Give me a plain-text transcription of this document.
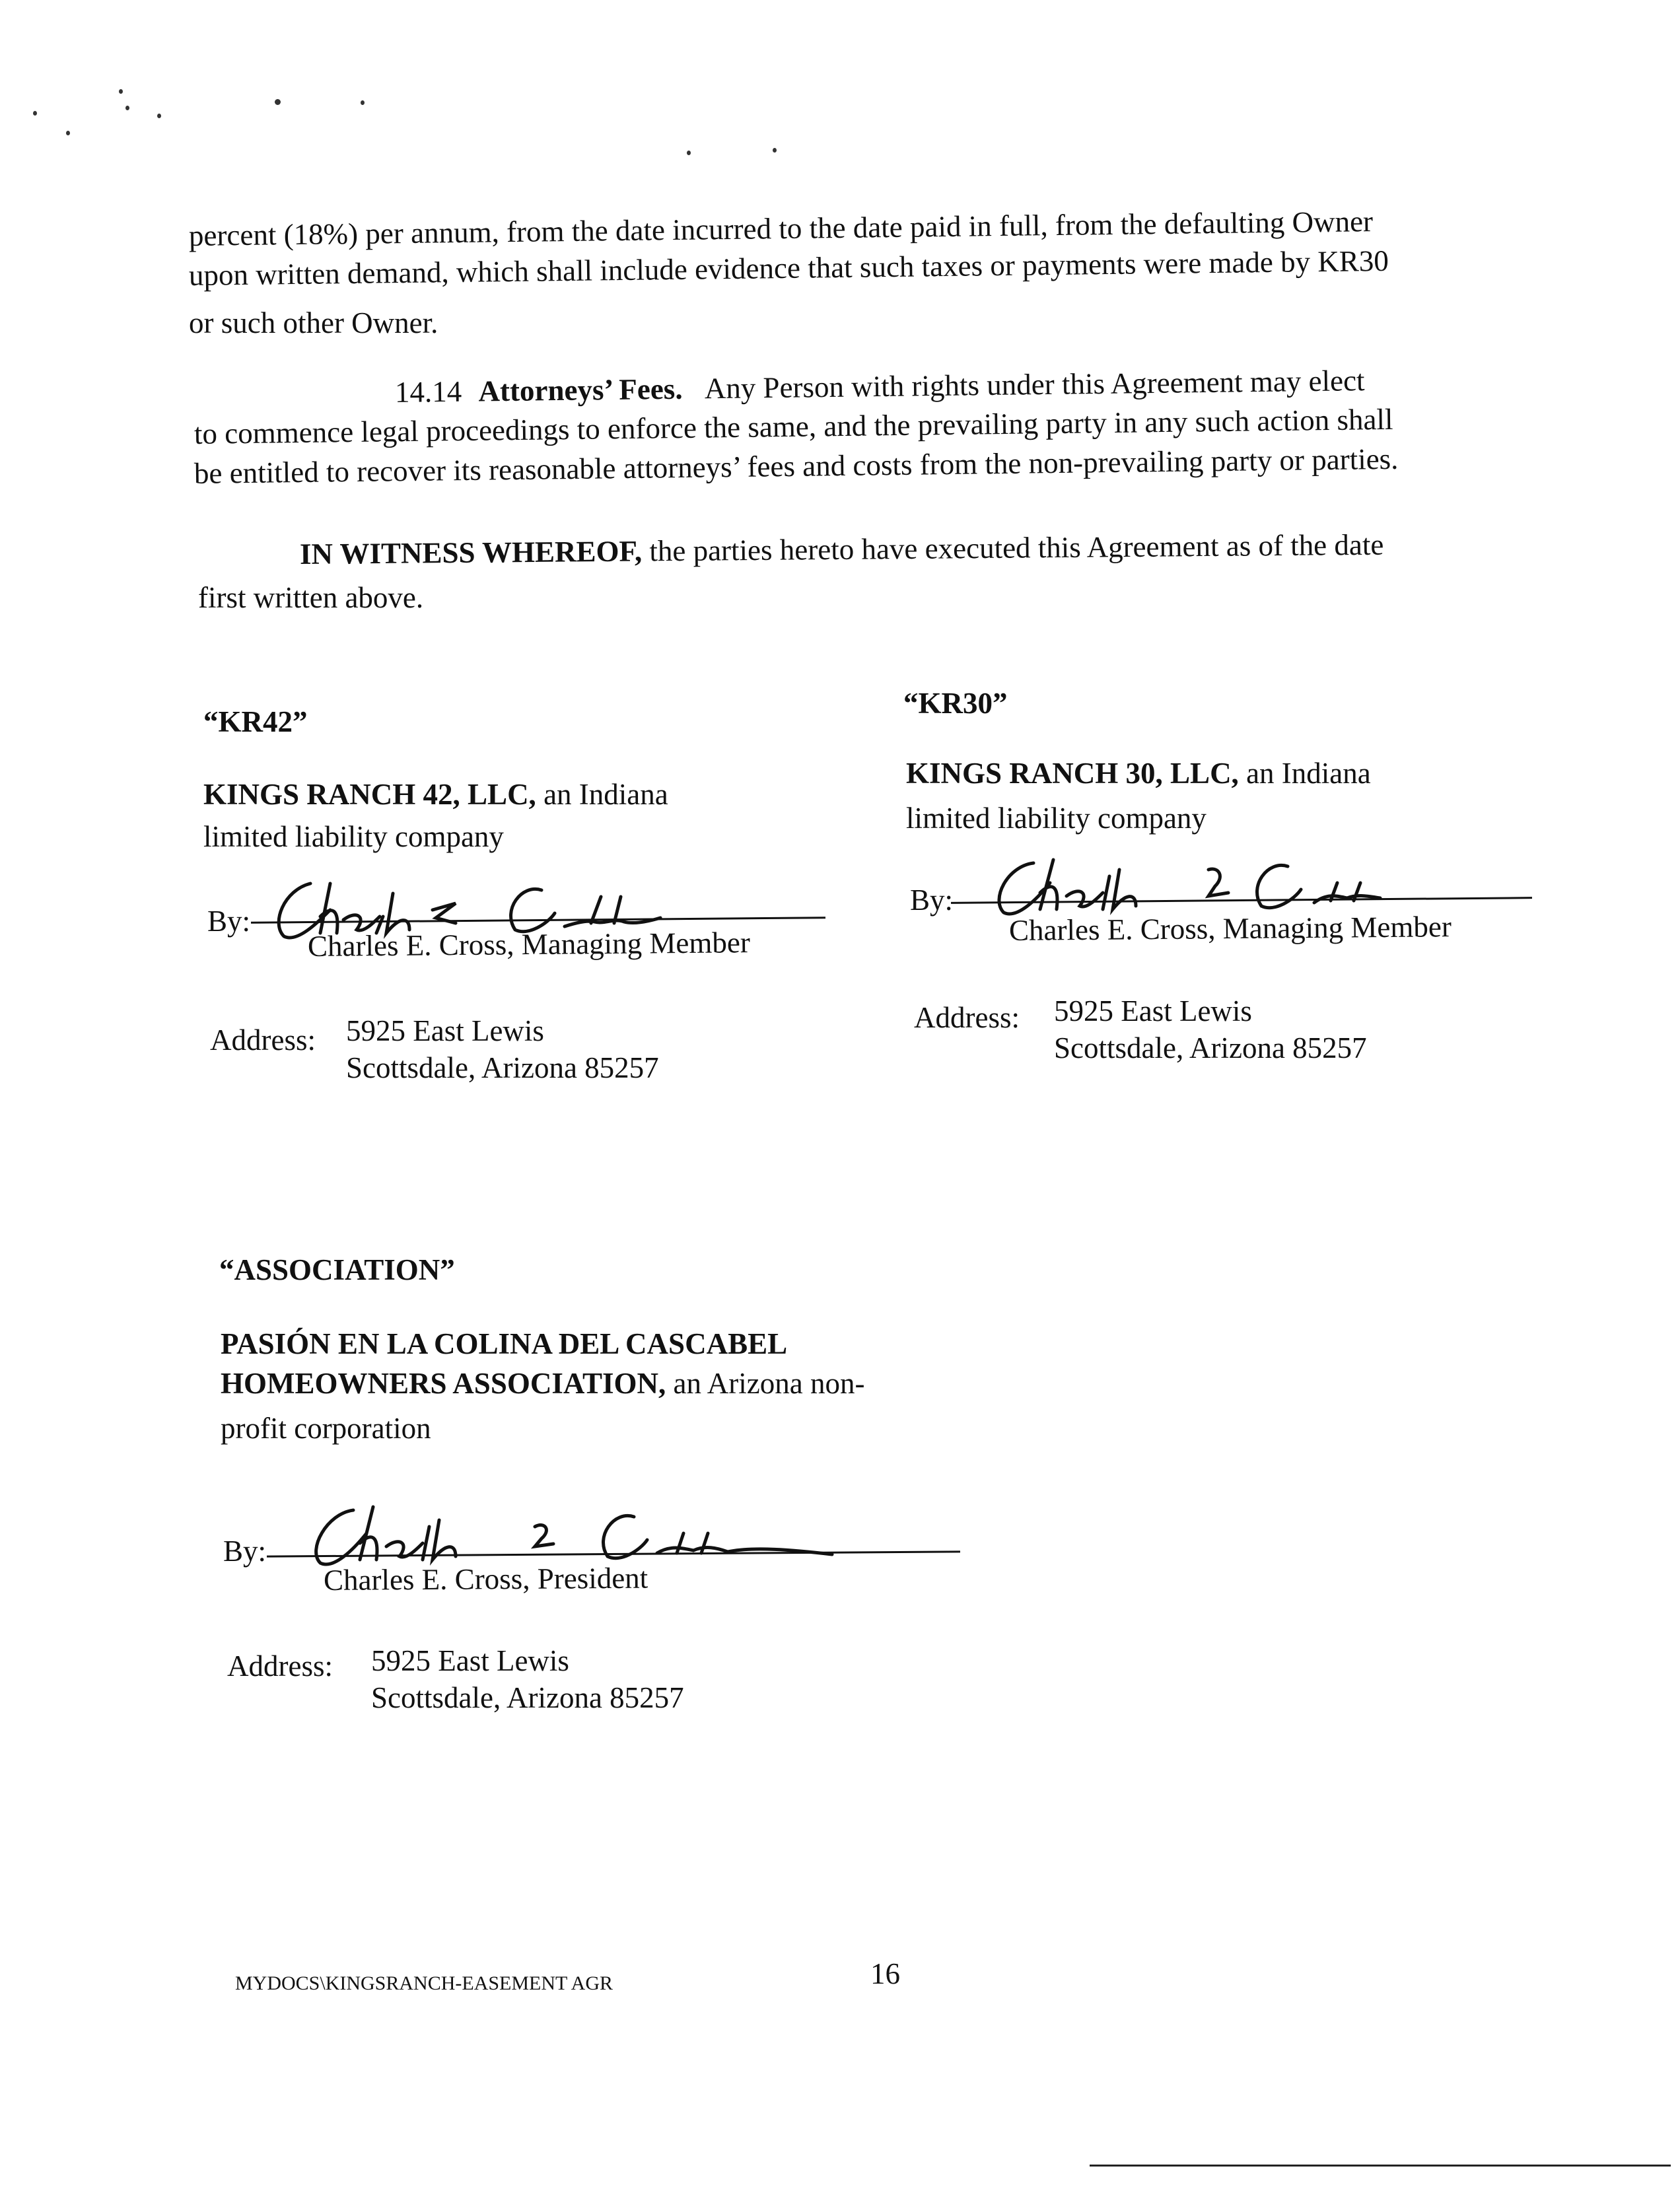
percent (18%) per annum, from the date incurred to the date paid in full, from the defaulting Owner
upon written demand, which shall include evidence that such taxes or payments were made by KR30
or such other Owner.
14.14 Attorneys’ Fees. Any Person with rights under this Agreement may elect
to commence legal proceedings to enforce the same, and the prevailing party in any such action shall
be entitled to recover its reasonable attorneys’ fees and costs from the non-prevailing party or parties.
IN WITNESS WHEREOF, the parties hereto have executed this Agreement as of the date
first written above.
“KR42”
KINGS RANCH 42, LLC, an Indiana
limited liability company
By:
Charles E. Cross, Managing Member
Address: 5925 East Lewis
Scottsdale, Arizona 85257
“KR30”
KINGS RANCH 30, LLC, an Indiana
limited liability company
By:
Charles E. Cross, Managing Member
Address: 5925 East Lewis
Scottsdale, Arizona 85257
“ASSOCIATION”
PASIÓN EN LA COLINA DEL CASCABEL
HOMEOWNERS ASSOCIATION, an Arizona non-
profit corporation
By:
Charles E. Cross, President
Address: 5925 East Lewis
Scottsdale, Arizona 85257
MYDOCS\KINGSRANCH-EASEMENT AGR	16
